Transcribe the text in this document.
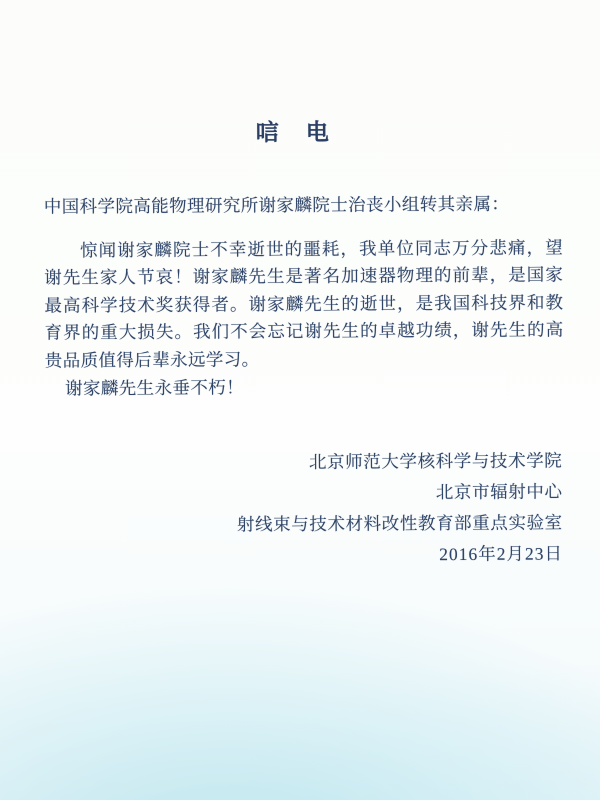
唁　电

中国科学院高能物理研究所谢家麟院士治丧小组转其亲属：

惊闻谢家麟院士不幸逝世的噩耗，我单位同志万分悲痛，望谢先生家人节哀！谢家麟先生是著名加速器物理的前辈，是国家最高科学技术奖获得者。谢家麟先生的逝世，是我国科技界和教育界的重大损失。我们不会忘记谢先生的卓越功绩，谢先生的高贵品质值得后辈永远学习。

谢家麟先生永垂不朽！

北京师范大学核科学与技术学院

北京市辐射中心

射线束与技术材料改性教育部重点实验室

2016年2月23日
